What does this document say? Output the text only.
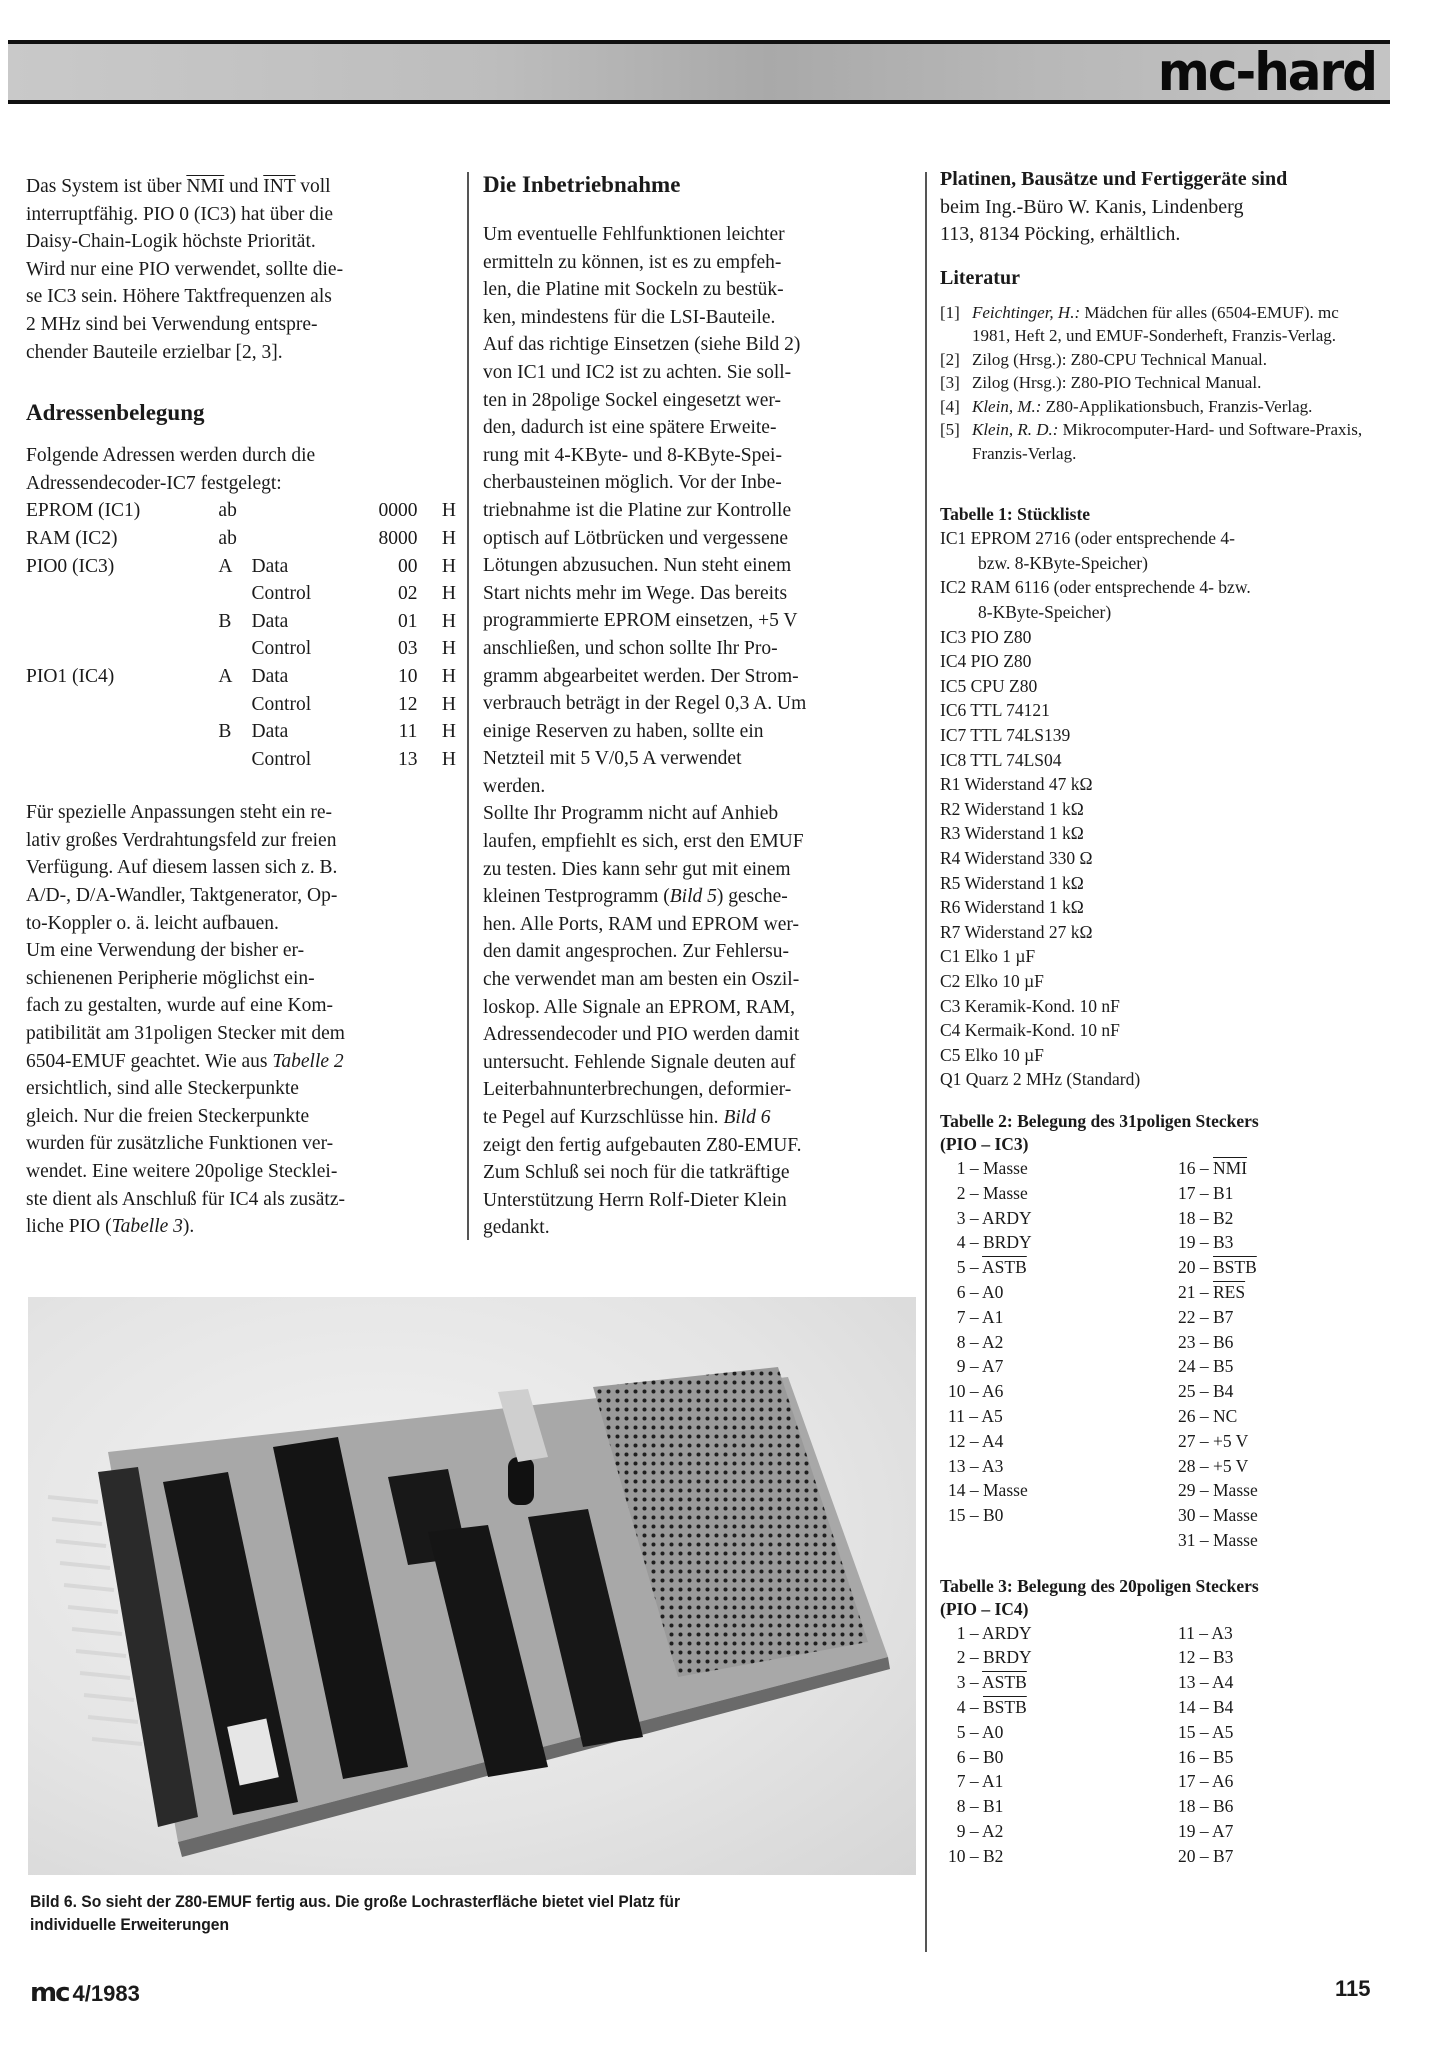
mc-hard

Das System ist über $\overline{NMI}$ und $\overline{INT}$ voll

interruptfähig. PIO 0 (IC3) hat über die

Daisy-Chain-Logik höchste Priorität.

Wird nur eine PIO verwendet, sollte die-

se IC3 sein. Höhere Taktfrequenzen als

2 MHz sind bei Verwendung entspre-

chender Bauteile erzielbar [2, 3].

Adressenbelegung

Folgende Adressen werden durch die

Adressendecoder-IC7 festgelegt:

EPROM (IC1)	ab		0000	H
RAM (IC2)	ab		8000	H
PIO0 (IC3)	A	Data	00	H
		Control	02	H
	B	Data	01	H
		Control	03	H
PIO1 (IC4)	A	Data	10	H
		Control	12	H
	B	Data	11	H
		Control	13	H

Für spezielle Anpassungen steht ein re-

lativ großes Verdrahtungsfeld zur freien

Verfügung. Auf diesem lassen sich z. B.

A/D-, D/A-Wandler, Taktgenerator, Op-

to-Koppler o. ä. leicht aufbauen.

Um eine Verwendung der bisher er-

schienenen Peripherie möglichst ein-

fach zu gestalten, wurde auf eine Kom-

patibilität am 31poligen Stecker mit dem

6504-EMUF geachtet. Wie aus Tabelle 2

ersichtlich, sind alle Steckerpunkte

gleich. Nur die freien Steckerpunkte

wurden für zusätzliche Funktionen ver-

wendet. Eine weitere 20polige Stecklei-

ste dient als Anschluß für IC4 als zusätz-

liche PIO (Tabelle 3).

Die Inbetriebnahme

Um eventuelle Fehlfunktionen leichter

ermitteln zu können, ist es zu empfeh-

len, die Platine mit Sockeln zu bestük-

ken, mindestens für die LSI-Bauteile.

Auf das richtige Einsetzen (siehe Bild 2)

von IC1 und IC2 ist zu achten. Sie soll-

ten in 28polige Sockel eingesetzt wer-

den, dadurch ist eine spätere Erweite-

rung mit 4-KByte- und 8-KByte-Spei-

cherbausteinen möglich. Vor der Inbe-

triebnahme ist die Platine zur Kontrolle

optisch auf Lötbrücken und vergessene

Lötungen abzusuchen. Nun steht einem

Start nichts mehr im Wege. Das bereits

programmierte EPROM einsetzen, +5 V

anschließen, und schon sollte Ihr Pro-

gramm abgearbeitet werden. Der Strom-

verbrauch beträgt in der Regel 0,3 A. Um

einige Reserven zu haben, sollte ein

Netzteil mit 5 V/0,5 A verwendet

werden.

Sollte Ihr Programm nicht auf Anhieb

laufen, empfiehlt es sich, erst den EMUF

zu testen. Dies kann sehr gut mit einem

kleinen Testprogramm (Bild 5) gesche-

hen. Alle Ports, RAM und EPROM wer-

den damit angesprochen. Zur Fehlersu-

che verwendet man am besten ein Oszil-

loskop. Alle Signale an EPROM, RAM,

Adressendecoder und PIO werden damit

untersucht. Fehlende Signale deuten auf

Leiterbahnunterbrechungen, deformier-

te Pegel auf Kurzschlüsse hin. Bild 6

zeigt den fertig aufgebauten Z80-EMUF.

Zum Schluß sei noch für die tatkräftige

Unterstützung Herrn Rolf-Dieter Klein

gedankt.

Platinen, Bausätze und Fertiggeräte sind

beim Ing.-Büro W. Kanis, Lindenberg

113, 8134 Pöcking, erhältlich.

Literatur
[1] Feichtinger, H.: Mädchen für alles (6504-EMUF). mc 1981, Heft 2, und EMUF-Sonderheft, Franzis-Verlag.
[2] Zilog (Hrsg.): Z80-CPU Technical Manual.
[3] Zilog (Hrsg.): Z80-PIO Technical Manual.
[4] Klein, M.: Z80-Applikationsbuch, Franzis-Verlag.
[5] Klein, R. D.: Mikrocomputer-Hard- und Software-Praxis, Franzis-Verlag.
Tabelle 1: Stückliste
IC1 EPROM 2716 (oder entsprechende 4-
bzw. 8-KByte-Speicher)
IC2 RAM 6116 (oder entsprechende 4- bzw.
8-KByte-Speicher)
IC3 PIO Z80
IC4 PIO Z80
IC5 CPU Z80
IC6 TTL 74121
IC7 TTL 74LS139
IC8 TTL 74LS04
R1 Widerstand 47 kΩ
R2 Widerstand 1 kΩ
R3 Widerstand 1 kΩ
R4 Widerstand 330 Ω
R5 Widerstand 1 kΩ
R6 Widerstand 1 kΩ
R7 Widerstand 27 kΩ
C1 Elko 1 µF
C2 Elko 10 µF
C3 Keramik-Kond. 10 nF
C4 Kermaik-Kond. 10 nF
C5 Elko 10 µF
Q1 Quarz 2 MHz (Standard)
Tabelle 2: Belegung des 31poligen Steckers
(PIO – IC3)
 1 – Masse	$16 - \overline{NMI}$
 2 – Masse	17 – B1
 3 – ARDY	18 – B2
 4 – BRDY	19 – B3
 5 – ASTB	20 – BSTB
 6 – A0	$21 - \overline{RES}$
 7 – A1	22 – B7
 8 – A2	23 – B6
 9 – A7	24 – B5
10 – A6	25 – B4
11 – A5	26 – NC
12 – A4	27 – +5 V
13 – A3	28 – +5 V
14 – Masse	29 – Masse
15 – B0	30 – Masse
31 – Masse
Tabelle 3: Belegung des 20poligen Steckers
(PIO – IC4)
 1 – ARDY	11 – A3
 2 – BRDY	12 – B3
 3 – ASTB	13 – A4
 4 – BSTB	14 – B4
 5 – A0	15 – A5
 6 – B0	16 – B5
 7 – A1	17 – A6
 8 – B1	18 – B6
 9 – A2	19 – A7
10 – B2	20 – B7
Bild 6. So sieht der Z80-EMUF fertig aus. Die große Lochrasterfläche bietet viel Platz für
individuelle Erweiterungen
mc 4/1983	115
